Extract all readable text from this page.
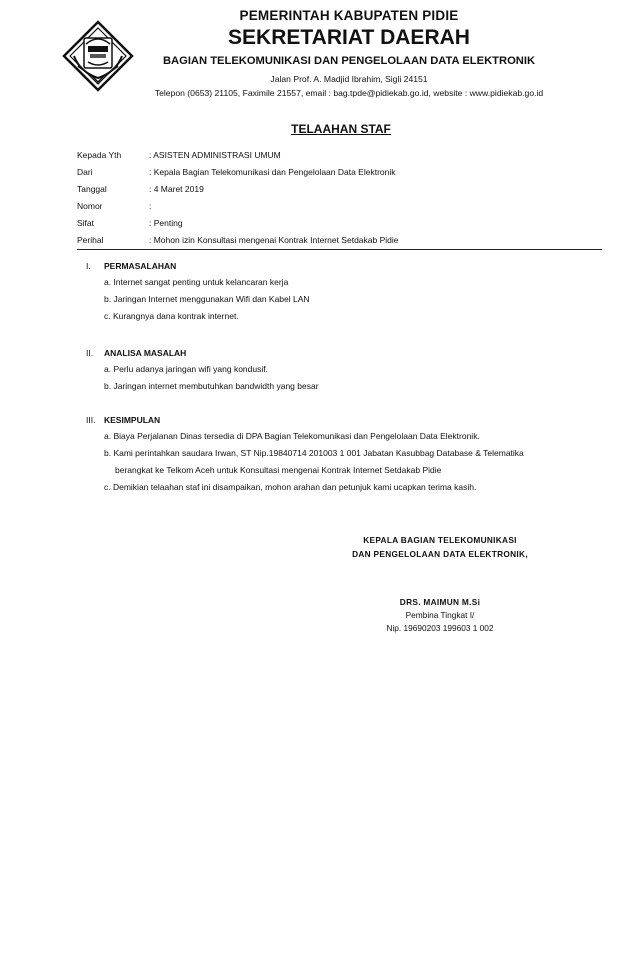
PEMERINTAH KABUPATEN PIDIE
SEKRETARIAT DAERAH
BAGIAN TELEKOMUNIKASI DAN PENGELOLAAN DATA ELEKTRONIK
Jalan Prof. A. Madjid Ibrahim, Sigli 24151
Telepon (0653) 21105, Faximile 21557, email : bag.tpde@pidiekab.go.id, website : www.pidiekab.go.id
TELAAHAN STAF
Kepada Yth	: ASISTEN ADMINISTRASI UMUM
Dari	: Kepala Bagian Telekomunikasi dan Pengelolaan Data Elektronik
Tanggal	: 4 Maret 2019
Nomor	:
Sifat	: Penting
Perihal	: Mohon izin Konsultasi mengenai Kontrak Internet Setdakab Pidie
I.	PERMASALAHAN
a. Internet sangat penting untuk kelancaran kerja
b. Jaringan Internet menggunakan Wifi dan Kabel LAN
c. Kurangnya dana kontrak internet.
II.	ANALISA MASALAH
a. Perlu adanya jaringan wifi yang kondusif.
b. Jaringan internet membutuhkan bandwidth yang besar
III.	KESIMPULAN
a. Biaya Perjalanan Dinas tersedia di DPA Bagian Telekomunikasi dan Pengelolaan Data Elektronik.
b. Kami perintahkan saudara Irwan, ST Nip.19840714 201003 1 001 Jabatan Kasubbag Database & Telematika
berangkat ke Telkom Aceh untuk Konsultasi mengenai Kontrak Internet Setdakab Pidie
c. Demikian telaahan staf ini disampaikan, mohon arahan dan petunjuk kami ucapkan terima kasih.
KEPALA BAGIAN TELEKOMUNIKASI
DAN PENGELOLAAN DATA ELEKTRONIK,
DRS. MAIMUN M.Si
Pembina Tingkat I/
Nip. 19690203 199603 1 002
